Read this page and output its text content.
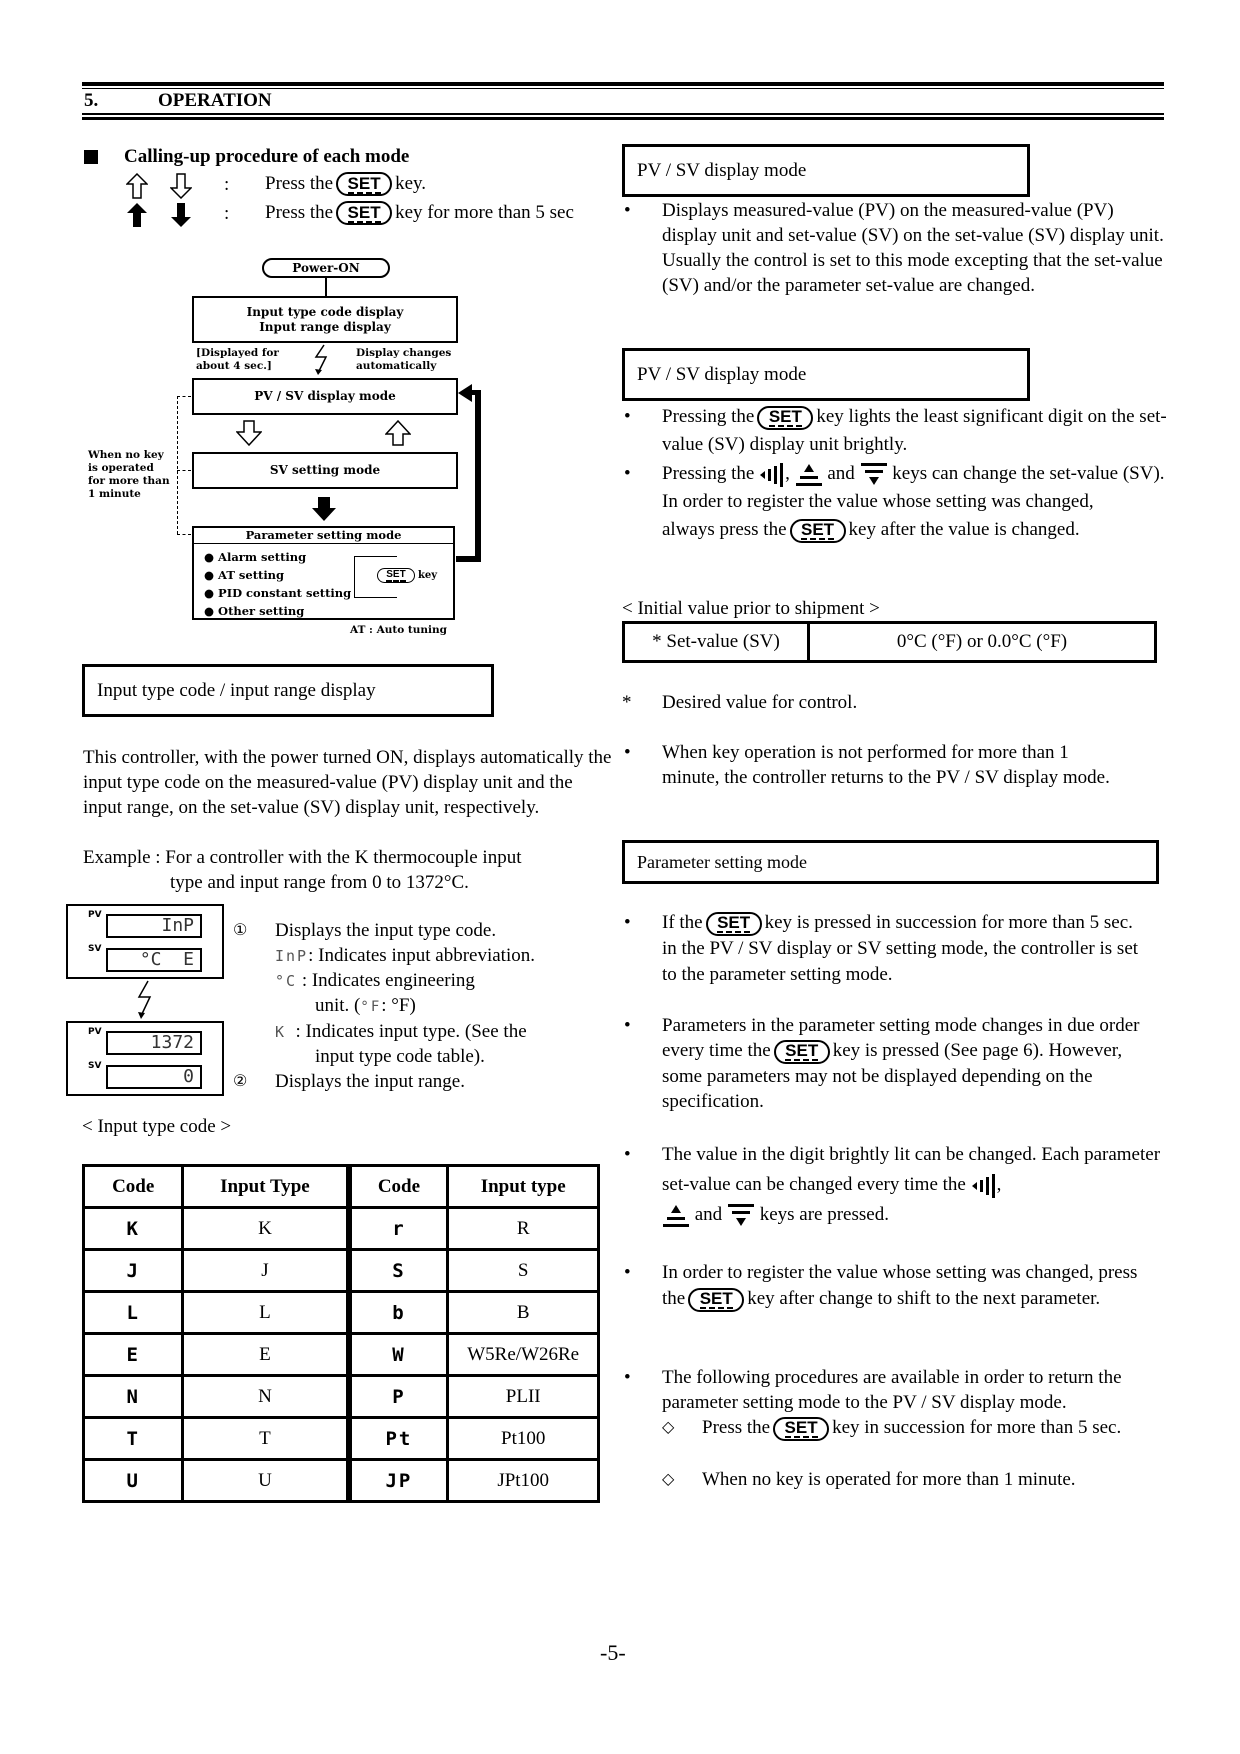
5.	OPERATION
Calling-up procedure of each mode
: Press the SET key.
: Press the SET key for more than 5 sec
Power-ON
Input type code display
Input range display
[Displayed for
about 4 sec.]
Display changes
automatically
PV / SV display mode
SV setting mode
When no key
is operated
for more than
1 minute
Parameter setting mode
● Alarm setting
● AT setting
● PID constant setting
● Other setting
SET key
AT : Auto tuning
Input type code / input range display
This controller, with the power turned ON, displays automatically the input type code on the measured-value (PV) display unit and the input range, on the set-value (SV) display unit, respectively.
Example : For a controller with the K thermocouple input
type and input range from 0 to 1372°C.
PV	InP
SV	°C  E
PV	1372
SV	0
① Displays the input type code.
InP: Indicates input abbreviation.
°C : Indicates engineering
unit. (°F: °F)
K : Indicates input type. (See the
input type code table).
② Displays the input range.
< Input type code >
Code	Input Type	Code	Input type
K	K	r	R
J	J	S	S
L	L	b	B
E	E	W	W5Re/W26Re
N	N	P	PLII
T	T	Pt	Pt100
U	U	JP	JPt100
PV / SV display mode
• Displays measured-value (PV) on the measured-value (PV) display unit and set-value (SV) on the set-value (SV) display unit. Usually the control is set to this mode excepting that the set-value (SV) and/or the parameter set-value are changed.
PV / SV display mode
• Pressing the SET key lights the least significant digit on the set-value (SV) display unit brightly.
• Pressing the , and keys can change the set-value (SV).
In order to register the value whose setting was changed,
always press the SET key after the value is changed.
< Initial value prior to shipment >
* Set-value (SV)	0°C (°F) or 0.0°C (°F)
* Desired value for control.
• When key operation is not performed for more than 1 minute, the controller returns to the PV / SV display mode.
Parameter setting mode
• If the SET key is pressed in succession for more than 5 sec. in the PV / SV display or SV setting mode, the controller is set to the parameter setting mode.
• Parameters in the parameter setting mode changes in due order every time the SET key is pressed (See page 6). However, some parameters may not be displayed depending on the specification.
• The value in the digit brightly lit can be changed. Each parameter set-value can be changed every time the ,
and keys are pressed.
• In order to register the value whose setting was changed, press the SET key after change to shift to the next parameter.
• The following procedures are available in order to return the parameter setting mode to the PV / SV display mode.
◇ Press the SET key in succession for more than 5 sec.
◇ When no key is operated for more than 1 minute.
-5-
